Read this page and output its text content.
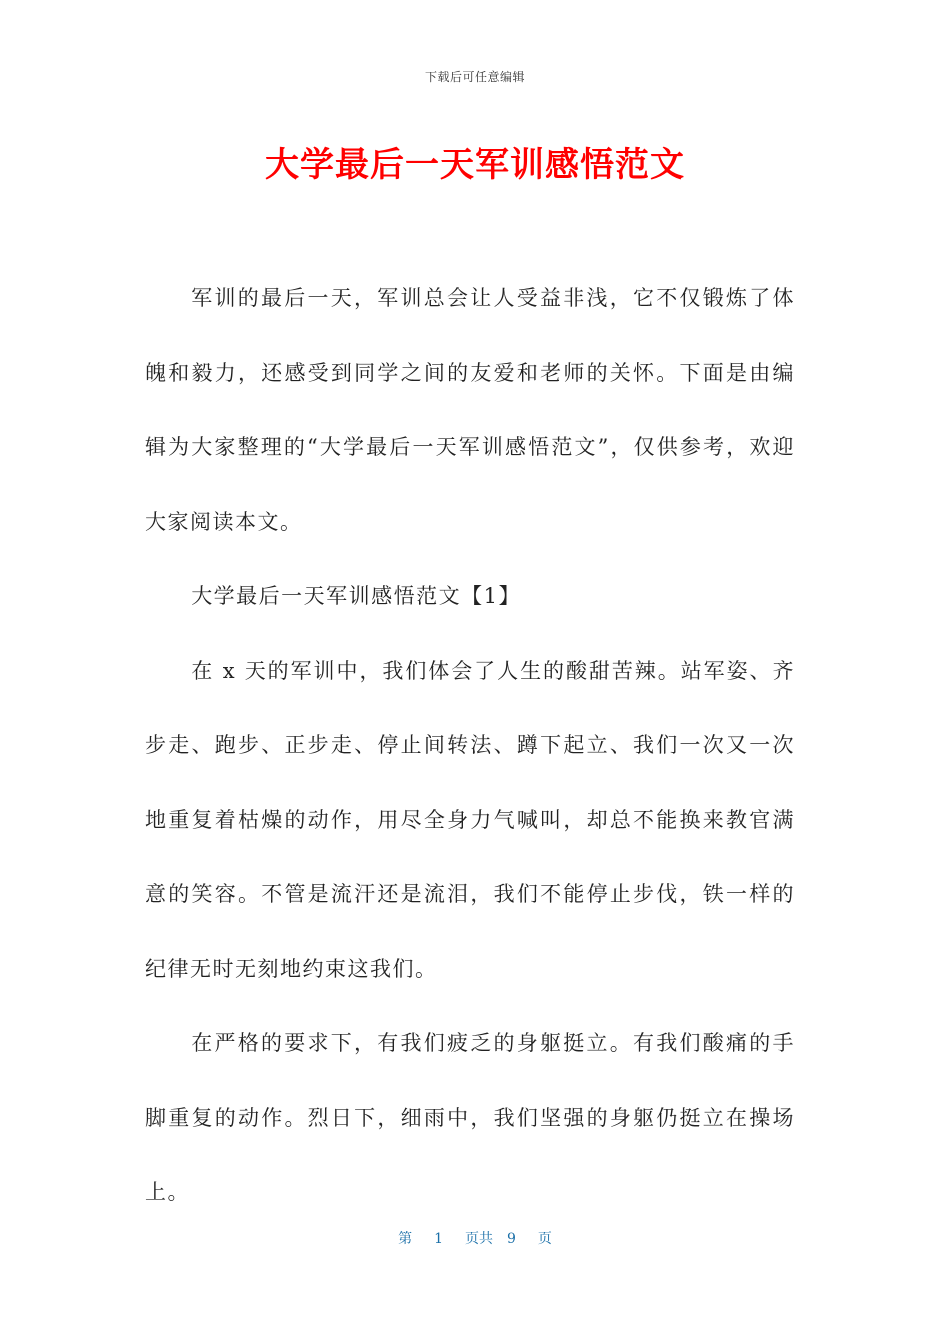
下载后可任意编辑
大学最后一天军训感悟范文

军训的最后一天，军训总会让人受益非浅，它不仅锻炼了体魄和毅力，还感受到同学之间的友爱和老师的关怀。下面是由编辑为大家整理的“大学最后一天军训感悟范文”，仅供参考，欢迎大家阅读本文。

大学最后一天军训感悟范文【1】

在 x 天的军训中，我们体会了人生的酸甜苦辣。站军姿、齐步走、跑步、正步走、停止间转法、蹲下起立、我们一次又一次地重复着枯燥的动作，用尽全身力气喊叫，却总不能换来教官满意的笑容。不管是流汗还是流泪，我们不能停止步伐，铁一样的纪律无时无刻地约束这我们。

在严格的要求下，有我们疲乏的身躯挺立。有我们酸痛的手脚重复的动作。烈日下，细雨中，我们坚强的身躯仍挺立在操场上。

第 1 页共 9 页
